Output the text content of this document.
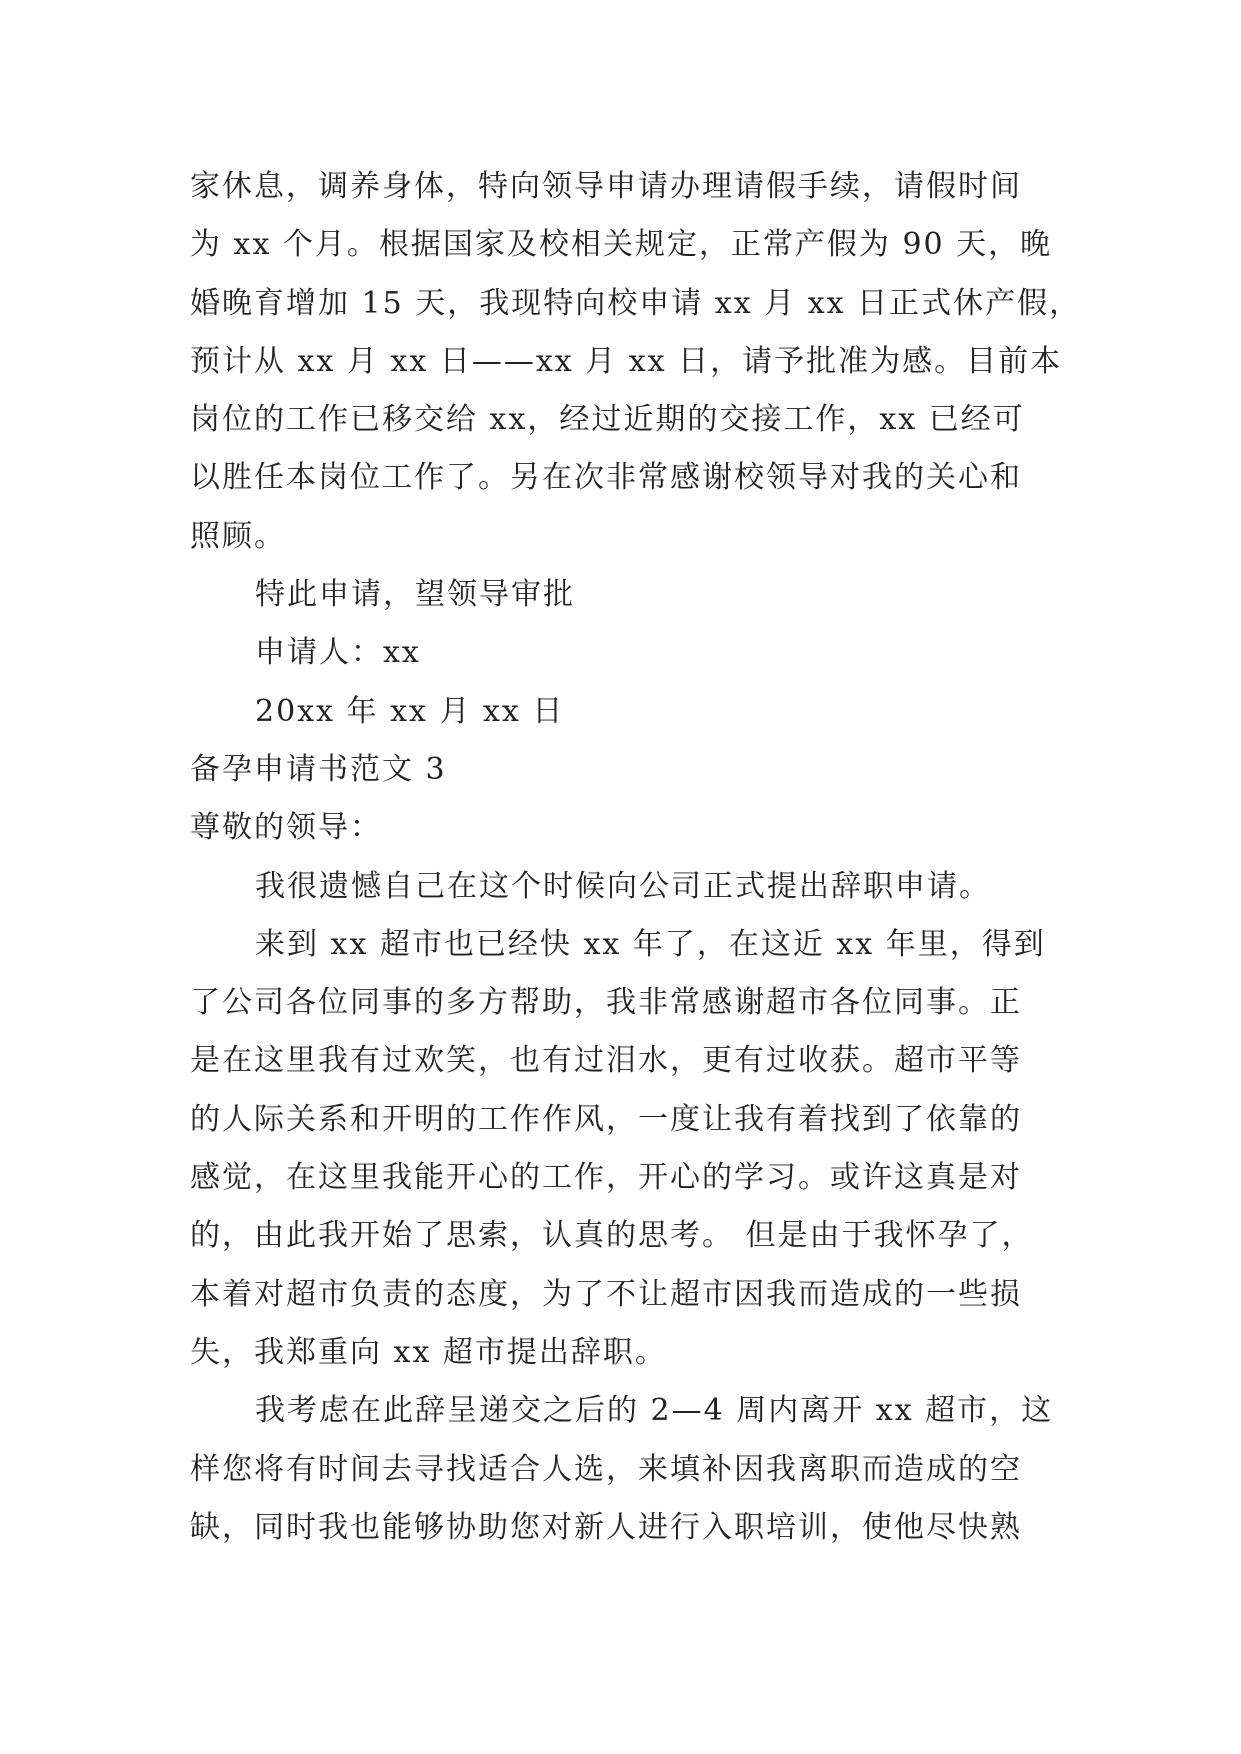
家休息，调养身体，特向领导申请办理请假手续，请假时间
为 xx 个月。根据国家及校相关规定，正常产假为 90 天，晚
婚晚育增加 15 天，我现特向校申请 xx 月 xx 日正式休产假，
预计从 xx 月 xx 日——xx 月 xx 日，请予批准为感。目前本
岗位的工作已移交给 xx，经过近期的交接工作，xx 已经可
以胜任本岗位工作了。另在次非常感谢校领导对我的关心和
照顾。
特此申请，望领导审批
申请人：xx
20xx 年 xx 月 xx 日
备孕申请书范文 3
尊敬的领导：
我很遗憾自己在这个时候向公司正式提出辞职申请。
来到 xx 超市也已经快 xx 年了，在这近 xx 年里，得到
了公司各位同事的多方帮助，我非常感谢超市各位同事。正
是在这里我有过欢笑，也有过泪水，更有过收获。超市平等
的人际关系和开明的工作作风，一度让我有着找到了依靠的
感觉，在这里我能开心的工作，开心的学习。或许这真是对
的，由此我开始了思索，认真的思考。 但是由于我怀孕了，
本着对超市负责的态度，为了不让超市因我而造成的一些损
失，我郑重向 xx 超市提出辞职。
我考虑在此辞呈递交之后的 2—4 周内离开 xx 超市，这
样您将有时间去寻找适合人选，来填补因我离职而造成的空
缺，同时我也能够协助您对新人进行入职培训，使他尽快熟
